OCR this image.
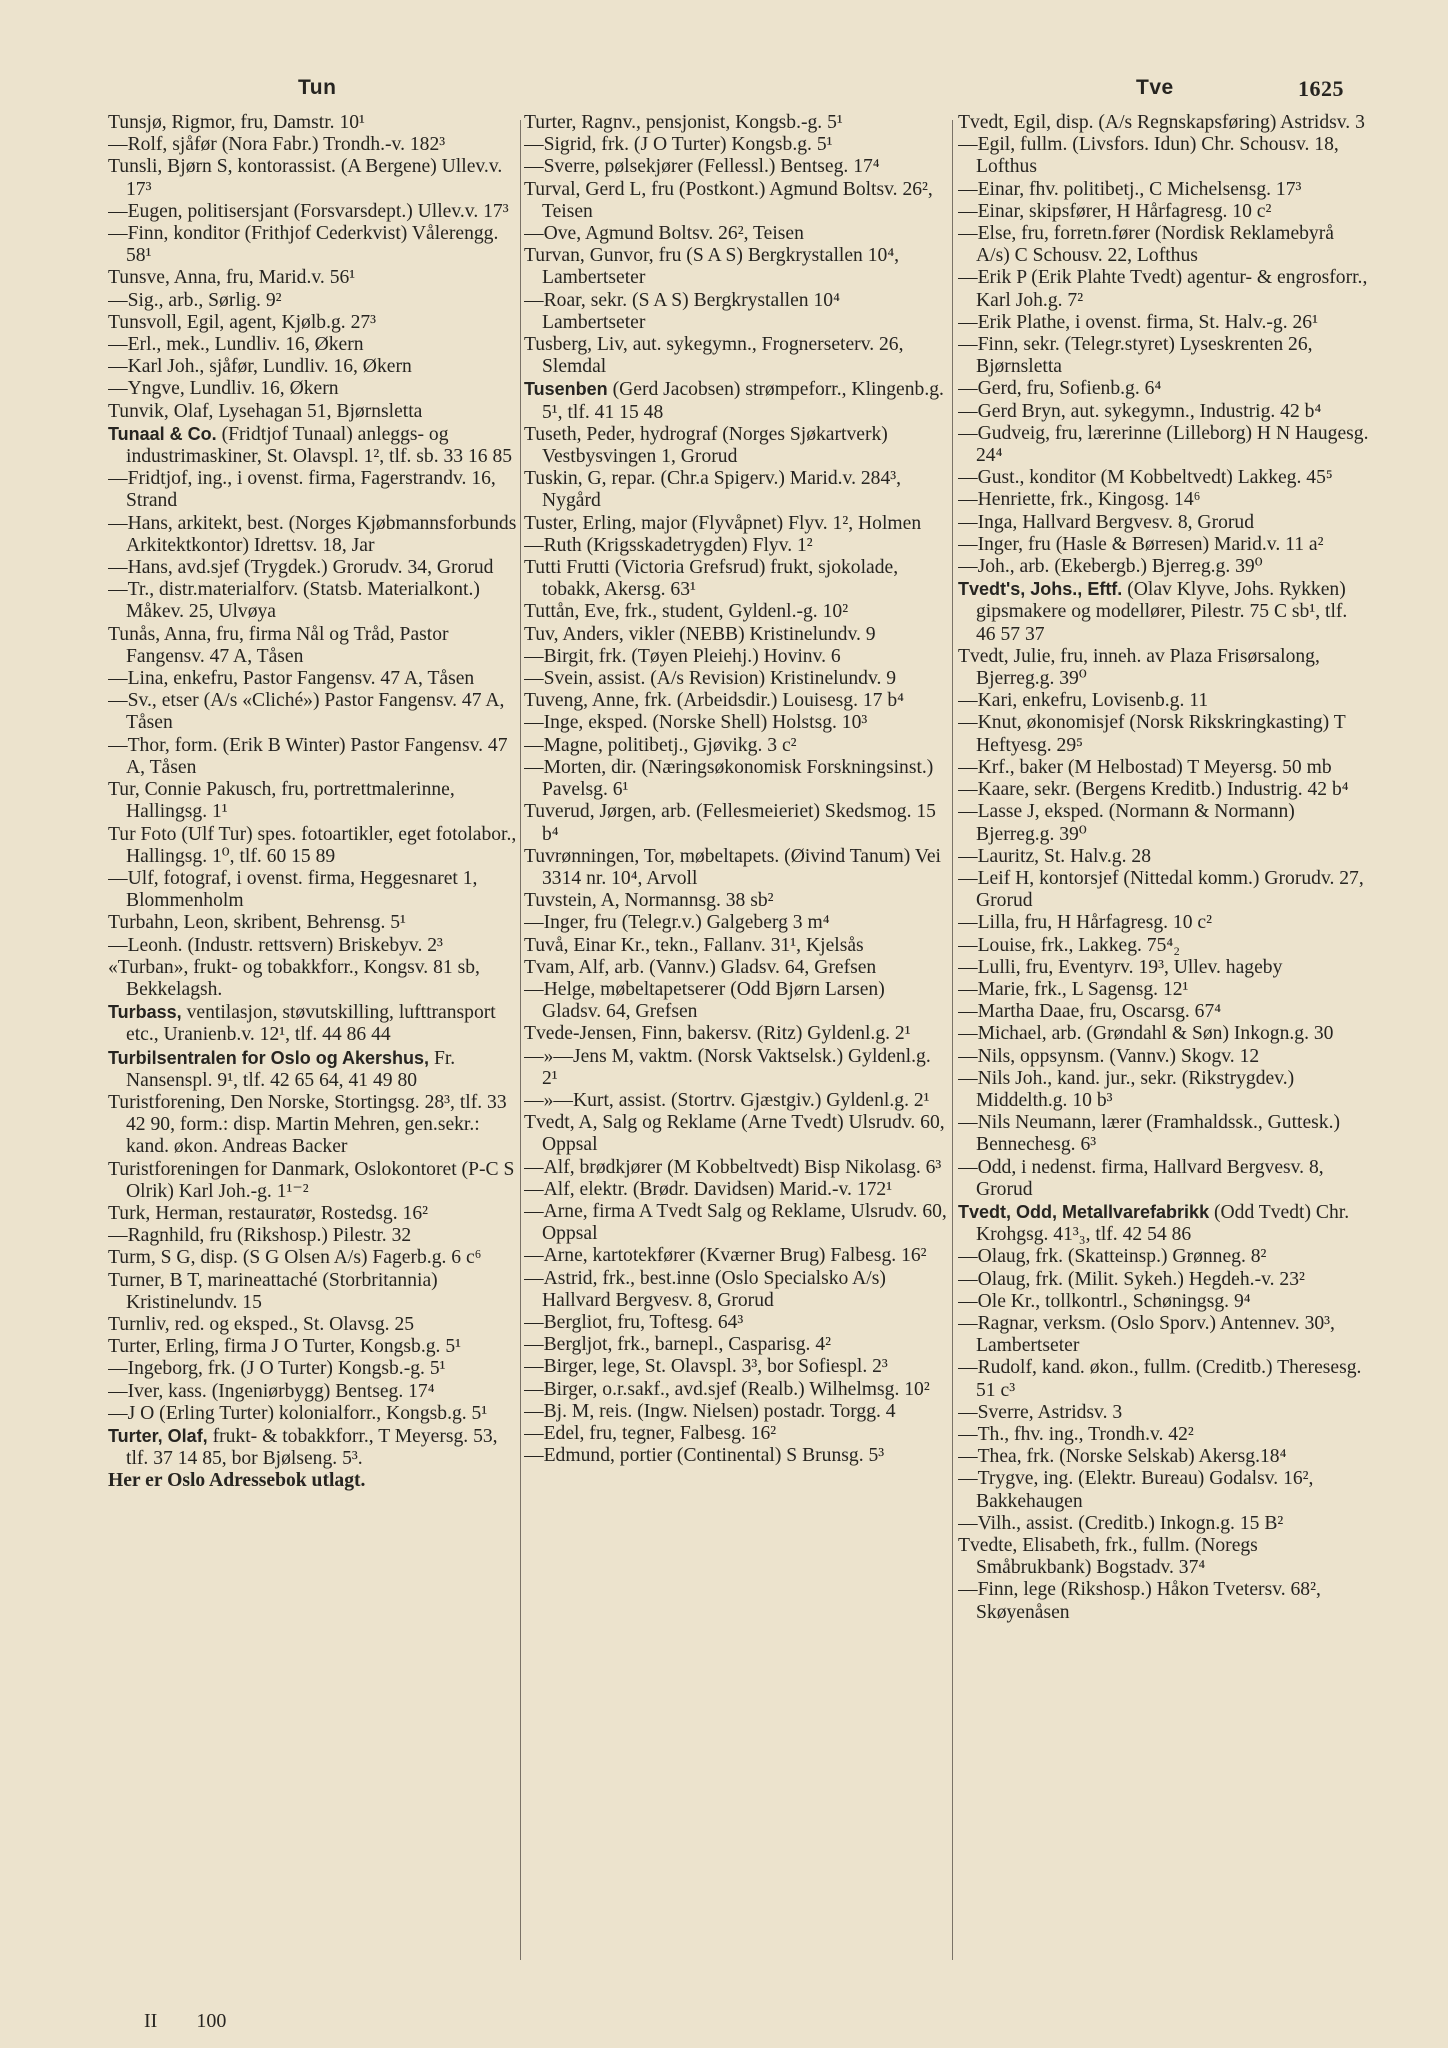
Tun	Tve	1625

Tunsjø, Rigmor, fru, Damstr. 10¹

—Rolf, sjåfør (Nora Fabr.) Trondh.-v. 182³

Tunsli, Bjørn S, kontorassist. (A Bergene) Ullev.v. 17³

—Eugen, politisersjant (Forsvarsdept.) Ullev.v. 17³

—Finn, konditor (Frithjof Cederkvist) Vålerengg. 58¹

Tunsve, Anna, fru, Marid.v. 56¹

—Sig., arb., Sørlig. 9²

Tunsvoll, Egil, agent, Kjølb.g. 27³

—Erl., mek., Lundliv. 16, Økern

—Karl Joh., sjåfør, Lundliv. 16, Økern

—Yngve, Lundliv. 16, Økern

Tunvik, Olaf, Lysehagan 51, Bjørnsletta

Tunaal & Co. (Fridtjof Tunaal) anleggs- og industrimaskiner, St. Olavspl. 1², tlf. sb. 33 16 85

—Fridtjof, ing., i ovenst. firma, Fagerstrandv. 16, Strand

—Hans, arkitekt, best. (Norges Kjøbmannsforbunds Arkitektkontor) Idrettsv. 18, Jar

—Hans, avd.sjef (Trygdek.) Grorudv. 34, Grorud

—Tr., distr.materialforv. (Statsb. Materialkont.) Måkev. 25, Ulvøya

Tunås, Anna, fru, firma Nål og Tråd, Pastor Fangensv. 47 A, Tåsen

—Lina, enkefru, Pastor Fangensv. 47 A, Tåsen

—Sv., etser (A/s «Cliché») Pastor Fangensv. 47 A, Tåsen

—Thor, form. (Erik B Winter) Pastor Fangensv. 47 A, Tåsen

Tur, Connie Pakusch, fru, portrettmalerinne, Hallingsg. 1¹

Tur Foto (Ulf Tur) spes. fotoartikler, eget fotolabor., Hallingsg. 1⁰, tlf. 60 15 89

—Ulf, fotograf, i ovenst. firma, Heggesnaret 1, Blommenholm

Turbahn, Leon, skribent, Behrensg. 5¹

—Leonh. (Industr. rettsvern) Briskebyv. 2³

«Turban», frukt- og tobakkforr., Kongsv. 81 sb, Bekkelagsh.

Turbass, ventilasjon, støvutskilling, lufttransport etc., Uranienb.v. 12¹, tlf. 44 86 44

Turbilsentralen for Oslo og Akershus, Fr. Nansenspl. 9¹, tlf. 42 65 64, 41 49 80

Turistforening, Den Norske, Stortingsg. 28³, tlf. 33 42 90, form.: disp. Martin Mehren, gen.sekr.: kand. økon. Andreas Backer

Turistforeningen for Danmark, Oslokontoret (P-C S Olrik) Karl Joh.-g. 1¹⁻²

Turk, Herman, restauratør, Rostedsg. 16²

—Ragnhild, fru (Rikshosp.) Pilestr. 32

Turm, S G, disp. (S G Olsen A/s) Fagerb.g. 6 c⁶

Turner, B T, marineattaché (Storbritannia) Kristinelundv. 15

Turnliv, red. og eksped., St. Olavsg. 25

Turter, Erling, firma J O Turter, Kongsb.g. 5¹

—Ingeborg, frk. (J O Turter) Kongsb.-g. 5¹

—Iver, kass. (Ingeniørbygg) Bentseg. 17⁴

—J O (Erling Turter) kolonialforr., Kongsb.g. 5¹

Turter, Olaf, frukt- & tobakkforr., T Meyersg. 53, tlf. 37 14 85, bor Bjølseng. 5³.

Her er Oslo Adressebok utlagt.

Turter, Ragnv., pensjonist, Kongsb.-g. 5¹

—Sigrid, frk. (J O Turter) Kongsb.g. 5¹

—Sverre, pølsekjører (Fellessl.) Bentseg. 17⁴

Turval, Gerd L, fru (Postkont.) Agmund Boltsv. 26², Teisen

—Ove, Agmund Boltsv. 26², Teisen

Turvan, Gunvor, fru (S A S) Bergkrystallen 10⁴, Lambertseter

—Roar, sekr. (S A S) Bergkrystallen 10⁴ Lambertseter

Tusberg, Liv, aut. sykegymn., Frognerseterv. 26, Slemdal

Tusenben (Gerd Jacobsen) strømpeforr., Klingenb.g. 5¹, tlf. 41 15 48

Tuseth, Peder, hydrograf (Norges Sjøkartverk) Vestbysvingen 1, Grorud

Tuskin, G, repar. (Chr.a Spigerv.) Marid.v. 284³, Nygård

Tuster, Erling, major (Flyvåpnet) Flyv. 1², Holmen

—Ruth (Krigsskadetrygden) Flyv. 1²

Tutti Frutti (Victoria Grefsrud) frukt, sjokolade, tobakk, Akersg. 63¹

Tuttån, Eve, frk., student, Gyldenl.-g. 10²

Tuv, Anders, vikler (NEBB) Kristinelundv. 9

—Birgit, frk. (Tøyen Pleiehj.) Hovinv. 6

—Svein, assist. (A/s Revision) Kristinelundv. 9

Tuveng, Anne, frk. (Arbeidsdir.) Louisesg. 17 b⁴

—Inge, eksped. (Norske Shell) Holstsg. 10³

—Magne, politibetj., Gjøvikg. 3 c²

—Morten, dir. (Næringsøkonomisk Forskningsinst.) Pavelsg. 6¹

Tuverud, Jørgen, arb. (Fellesmeieriet) Skedsmog. 15 b⁴

Tuvrønningen, Tor, møbeltapets. (Øivind Tanum) Vei 3314 nr. 10⁴, Arvoll

Tuvstein, A, Normannsg. 38 sb²

—Inger, fru (Telegr.v.) Galgeberg 3 m⁴

Tuvå, Einar Kr., tekn., Fallanv. 31¹, Kjelsås

Tvam, Alf, arb. (Vannv.) Gladsv. 64, Grefsen

—Helge, møbeltapetserer (Odd Bjørn Larsen) Gladsv. 64, Grefsen

Tvede-Jensen, Finn, bakersv. (Ritz) Gyldenl.g. 2¹

—»—Jens M, vaktm. (Norsk Vaktselsk.) Gyldenl.g. 2¹

—»—Kurt, assist. (Stortrv. Gjæstgiv.) Gyldenl.g. 2¹

Tvedt, A, Salg og Reklame (Arne Tvedt) Ulsrudv. 60, Oppsal

—Alf, brødkjører (M Kobbeltvedt) Bisp Nikolasg. 6³

—Alf, elektr. (Brødr. Davidsen) Marid.-v. 172¹

—Arne, firma A Tvedt Salg og Reklame, Ulsrudv. 60, Oppsal

—Arne, kartotekfører (Kværner Brug) Falbesg. 16²

—Astrid, frk., best.inne (Oslo Specialsko A/s) Hallvard Bergvesv. 8, Grorud

—Bergliot, fru, Toftesg. 64³

—Bergljot, frk., barnepl., Casparisg. 4²

—Birger, lege, St. Olavspl. 3³, bor Sofiespl. 2³

—Birger, o.r.sakf., avd.sjef (Realb.) Wilhelmsg. 10²

—Bj. M, reis. (Ingw. Nielsen) postadr. Torgg. 4

—Edel, fru, tegner, Falbesg. 16²

—Edmund, portier (Continental) S Brunsg. 5³

Tvedt, Egil, disp. (A/s Regnskapsføring) Astridsv. 3

—Egil, fullm. (Livsfors. Idun) Chr. Schousv. 18, Lofthus

—Einar, fhv. politibetj., C Michelsensg. 17³

—Einar, skipsfører, H Hårfagresg. 10 c²

—Else, fru, forretn.fører (Nordisk Reklamebyrå A/s) C Schousv. 22, Lofthus

—Erik P (Erik Plahte Tvedt) agentur- & engrosforr., Karl Joh.g. 7²

—Erik Plathe, i ovenst. firma, St. Halv.-g. 26¹

—Finn, sekr. (Telegr.styret) Lyseskrenten 26, Bjørnsletta

—Gerd, fru, Sofienb.g. 6⁴

—Gerd Bryn, aut. sykegymn., Industrig. 42 b⁴

—Gudveig, fru, lærerinne (Lilleborg) H N Haugesg. 24⁴

—Gust., konditor (M Kobbeltvedt) Lakkeg. 45⁵

—Henriette, frk., Kingosg. 14⁶

—Inga, Hallvard Bergvesv. 8, Grorud

—Inger, fru (Hasle & Børresen) Marid.v. 11 a²

—Joh., arb. (Ekebergb.) Bjerreg.g. 39⁰

Tvedt's, Johs., Eftf. (Olav Klyve, Johs. Rykken) gipsmakere og modellører, Pilestr. 75 C sb¹, tlf. 46 57 37

Tvedt, Julie, fru, inneh. av Plaza Frisørsalong, Bjerreg.g. 39⁰

—Kari, enkefru, Lovisenb.g. 11

—Knut, økonomisjef (Norsk Rikskringkasting) T Heftyesg. 29⁵

—Krf., baker (M Helbostad) T Meyersg. 50 mb

—Kaare, sekr. (Bergens Kreditb.) Industrig. 42 b⁴

—Lasse J, eksped. (Normann & Normann) Bjerreg.g. 39⁰

—Lauritz, St. Halv.g. 28

—Leif H, kontorsjef (Nittedal komm.) Grorudv. 27, Grorud

—Lilla, fru, H Hårfagresg. 10 c²

—Louise, frk., Lakkeg. 75⁴₂

—Lulli, fru, Eventyrv. 19³, Ullev. hageby

—Marie, frk., L Sagensg. 12¹

—Martha Daae, fru, Oscarsg. 67⁴

—Michael, arb. (Grøndahl & Søn) Inkogn.g. 30

—Nils, oppsynsm. (Vannv.) Skogv. 12

—Nils Joh., kand. jur., sekr. (Rikstrygdev.) Middelth.g. 10 b³

—Nils Neumann, lærer (Framhaldssk., Guttesk.) Bennechesg. 6³

—Odd, i nedenst. firma, Hallvard Bergvesv. 8, Grorud

Tvedt, Odd, Metallvarefabrikk (Odd Tvedt) Chr. Krohgsg. 41³₃, tlf. 42 54 86

—Olaug, frk. (Skatteinsp.) Grønneg. 8²

—Olaug, frk. (Milit. Sykeh.) Hegdeh.-v. 23²

—Ole Kr., tollkontrl., Schøningsg. 9⁴

—Ragnar, verksm. (Oslo Sporv.) Antennev. 30³, Lambertseter

—Rudolf, kand. økon., fullm. (Creditb.) Theresesg. 51 c³

—Sverre, Astridsv. 3

—Th., fhv. ing., Trondh.v. 42²

—Thea, frk. (Norske Selskab) Akersg.18⁴

—Trygve, ing. (Elektr. Bureau) Godalsv. 16², Bakkehaugen

—Vilh., assist. (Creditb.) Inkogn.g. 15 B²

Tvedte, Elisabeth, frk., fullm. (Noregs Småbrukbank) Bogstadv. 37⁴

—Finn, lege (Rikshosp.) Håkon Tvetersv. 68², Skøyenåsen

II 100
